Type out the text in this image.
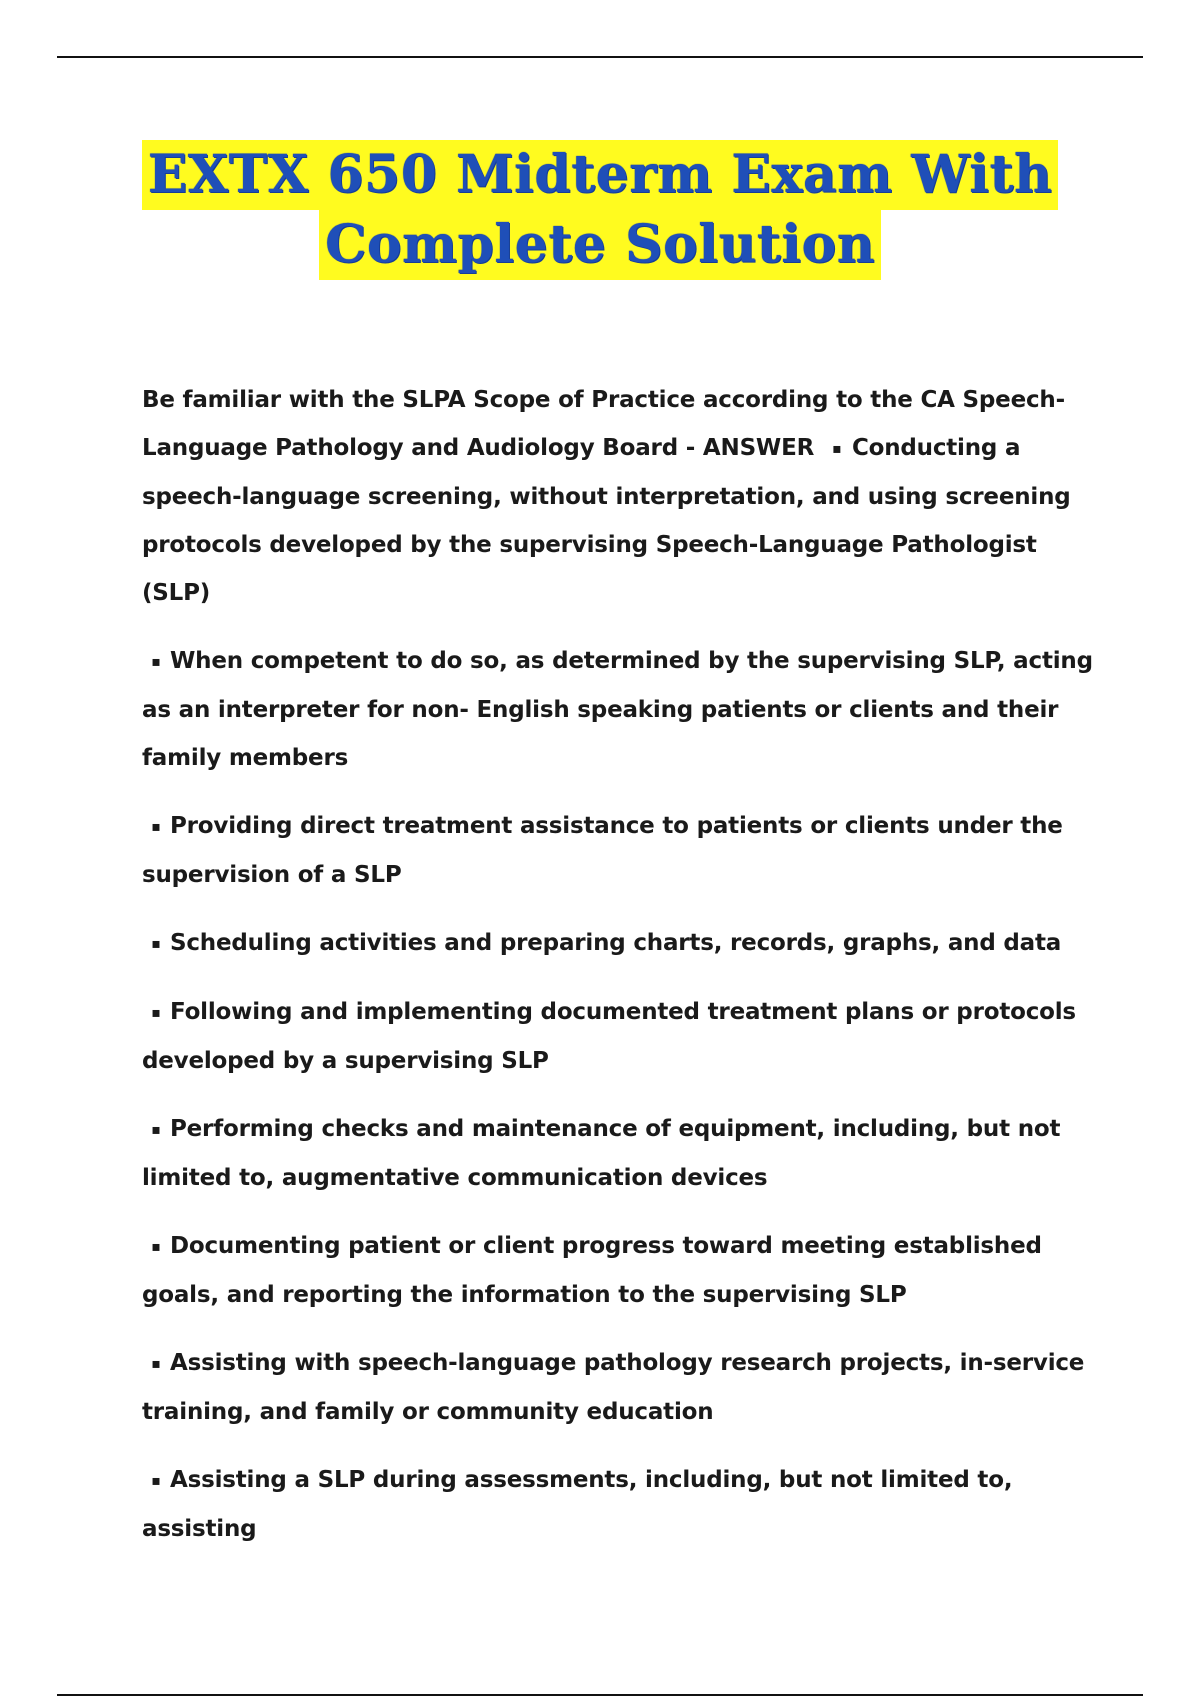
EXTX 650 Midterm Exam With
Complete Solution

Be familiar with the SLPA Scope of Practice according to the CA Speech-Language Pathology and Audiology Board - ANSWER ▪ Conducting a speech-language screening, without interpretation, and using screening protocols developed by the supervising Speech-Language Pathologist (SLP)

▪ When competent to do so, as determined by the supervising SLP, acting as an interpreter for non- English speaking patients or clients and their family members

▪ Providing direct treatment assistance to patients or clients under the supervision of a SLP

▪ Scheduling activities and preparing charts, records, graphs, and data

▪ Following and implementing documented treatment plans or protocols developed by a supervising SLP

▪ Performing checks and maintenance of equipment, including, but not limited to, augmentative communication devices

▪ Documenting patient or client progress toward meeting established goals, and reporting the information to the supervising SLP

▪ Assisting with speech-language pathology research projects, in-service training, and family or community education

▪ Assisting a SLP during assessments, including, but not limited to, assisting
